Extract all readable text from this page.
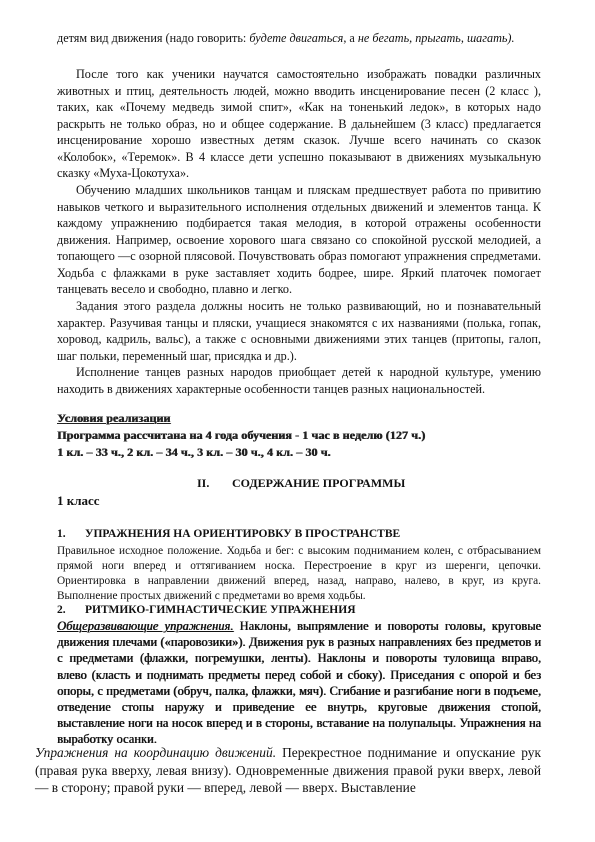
детям вид движения (надо говорить: будете двигаться, а не бегать, прыгать, шагать).

После того как ученики научатся самостоятельно изображать повадки различных животных и птиц, деятельность людей, можно вводить инсценирование песен (2 класс ), таких, как «Почему медведь зимой спит», «Как на тоненький ледок», в которых надо раскрыть не только образ, но и общее содержание. В дальнейшем (3 класс) предлагается инсценирование хорошо известных детям сказок. Лучше всего начинать со сказок «Колобок», «Теремок». В 4 классе дети успешно показывают в движениях музыкальную сказку «Муха-Цокотуха».

Обучению младших школьников танцам и пляскам предшествует работа по привитию навыков четкого и выразительного исполнения отдельных движений и элементов танца. К каждому упражнению подбирается такая мелодия, в которой отражены особенности движения. Например, освоение хорового шага связано со спокойной русской мелодией, а топающего —с озорной плясовой. Почувствовать образ помогают упражнения спредметами. Ходьба с флажками в руке заставляет ходить бодрее, шире. Яркий платочек помогает танцевать весело и свободно, плавно и легко.

Задания этого раздела должны носить не только развивающий, но и познавательный характер. Разучивая танцы и пляски, учащиеся знакомятся с их названиями (полька, гопак, хоровод, кадриль, вальс), а также с основными движениями этих танцев (притопы, галоп, шаг польки, переменный шаг, присядка и др.).

Исполнение танцев разных народов приобщает детей к народной культуре, умению находить в движениях характерные особенности танцев разных национальностей.

Условия реализации

Программа рассчитана на 4 года обучения - 1 час в неделю (127 ч.)

1 кл. – 33 ч., 2 кл. – 34 ч., 3 кл. – 30 ч., 4 кл. – 30 ч.

II. СОДЕРЖАНИЕ ПРОГРАММЫ

1 класс

1. УПРАЖНЕНИЯ НА ОРИЕНТИРОВКУ В ПРОСТРАНСТВЕ

Правильное исходное положение. Ходьба и бег: с высоким подниманием колен, с отбрасыванием прямой ноги вперед и оттягиванием носка. Перестроение в круг из шеренги, цепочки. Ориентировка в направлении движений вперед, назад, направо, налево, в круг, из круга. Выполнение простых движений с предметами во время ходьбы.

2. РИТМИКО-ГИМНАСТИЧЕСКИЕ УПРАЖНЕНИЯ

Общеразвивающие упражнения. Наклоны, выпрямление и повороты головы, круговые движения плечами («паровозики»). Движения рук в разных направлениях без предметов и с предметами (флажки, погремушки, ленты). Наклоны и повороты туловища вправо, влево (класть и поднимать предметы перед собой и сбоку). Приседания с опорой и без опоры, с предметами (обруч, палка, флажки, мяч). Сгибание и разгибание ноги в подъеме, отведение стопы наружу и приведение ее внутрь, круговые движения стопой, выставление ноги на носок вперед и в стороны, вставание на полупальцы. Упражнения на выработку осанки.

Упражнения на координацию движений. Перекрестное поднимание и опускание рук (правая рука вверху, левая внизу). Одновременные движения правой руки вверх, левой — в сторону; правой руки — вперед, левой — вверх. Выставление
